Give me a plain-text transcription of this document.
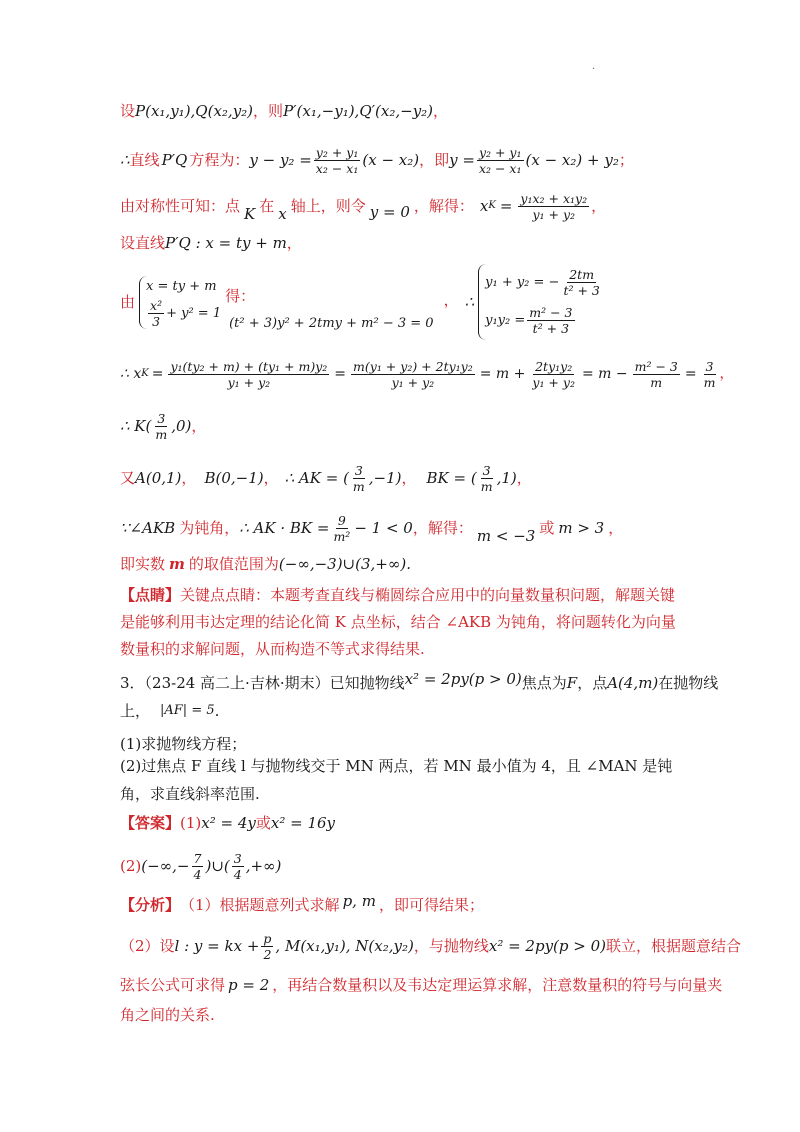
·
设 P(x₁,y₁),Q(x₂,y₂) ，则 P′(x₁,−y₁),Q′(x₂,−y₂) ，
∴ 直线 P′Q 方程为： $y - y_2 = \frac{\text{y₂ + y₁}}{\text{x₂ − x₁}} (x - x_2)$ ，即 $y = \frac{\text{y₂ + y₁}}{\text{x₂ − x₁}} (x - x_2) + y_2$ ；
由对称性可知：点 K 在 x 轴上，则令 y = 0 ，解得： x $K = \frac{\text{y₁x₂ + x₁y₂}}{\text{y₁ + y₂}}$ ，
设直线 P′Q : x = ty + m ，
由
x = ty + m
$\frac{\text{x²}}{3} + y^2 = 1$
得：
(t² + 3)y² + 2tmy + m² − 3 = 0
， ∴
y₁ + y₂ = − $\frac{2tm}{\text{t² + 3}}$
$y_1y_2 = \frac{\text{m² − 3}}{\text{t² + 3}}$
∴ x $K = \frac{\text{y₁(ty₂ + m) + (ty₁ + m)y₂}}{\text{y₁ + y₂}} = \frac{\text{m(y₁ + y₂) + 2ty₁y₂}}{\text{y₁ + y₂}} = m + \frac{\text{2ty₁y₂}}{\text{y₁ + y₂}} = m - \frac{\text{m² − 3}}{m} = \frac{3}{m}$ ，
∴ $K( \frac{3}{m} ,0)$ ，
又 A(0,1) ， B(0,−1) ， ∴ AK = ( $\frac{3}{m} ,-1$) ， BK = ( $\frac{3}{m} ,1$) ，
∵∠AKB 为钝角， ∴ AK · BK = $\frac{9}{\text{m²}} - 1 < 0$ ，解得： m < −3 或 m > 3 ，
即实数 m 的取值范围为 (−∞,−3)∪(3,+∞) .
【点睛】关键点点睛：本题考查直线与椭圆综合应用中的向量数量积问题，解题关键是能够利用韦达定理的结论化简 K 点坐标，结合 ∠AKB 为钝角，将问题转化为向量数量积的求解问题，从而构造不等式求得结果.
3．（23-24 高二上·吉林·期末）已知抛物线 x² = 2py(p > 0) 焦点为 F ，点 A(4,m) 在抛物线
上， |AF| = 5 .
(1)求抛物线方程；
(2)过焦点 F 直线 l 与抛物线交于 MN 两点，若 MN 最小值为 4，且 ∠MAN 是钝角，求直线斜率范围.
【答案】 (1) x² = 4y 或 x² = 16y
(2) (−∞,− $\frac{7}{4}$ )∪( $\frac{3}{4}$ ,+∞)
【分析】 （1）根据题意列式求解 p, m ，即可得结果；
（2）设 l : y = kx + $\frac{p}{2}$ , M(x₁,y₁), N(x₂,y₂) ，与抛物线 x² = 2py(p > 0) 联立，根据题意结合
弦长公式可求得 p = 2 ，再结合数量积以及韦达定理运算求解，注意数量积的符号与向量夹
角之间的关系.
